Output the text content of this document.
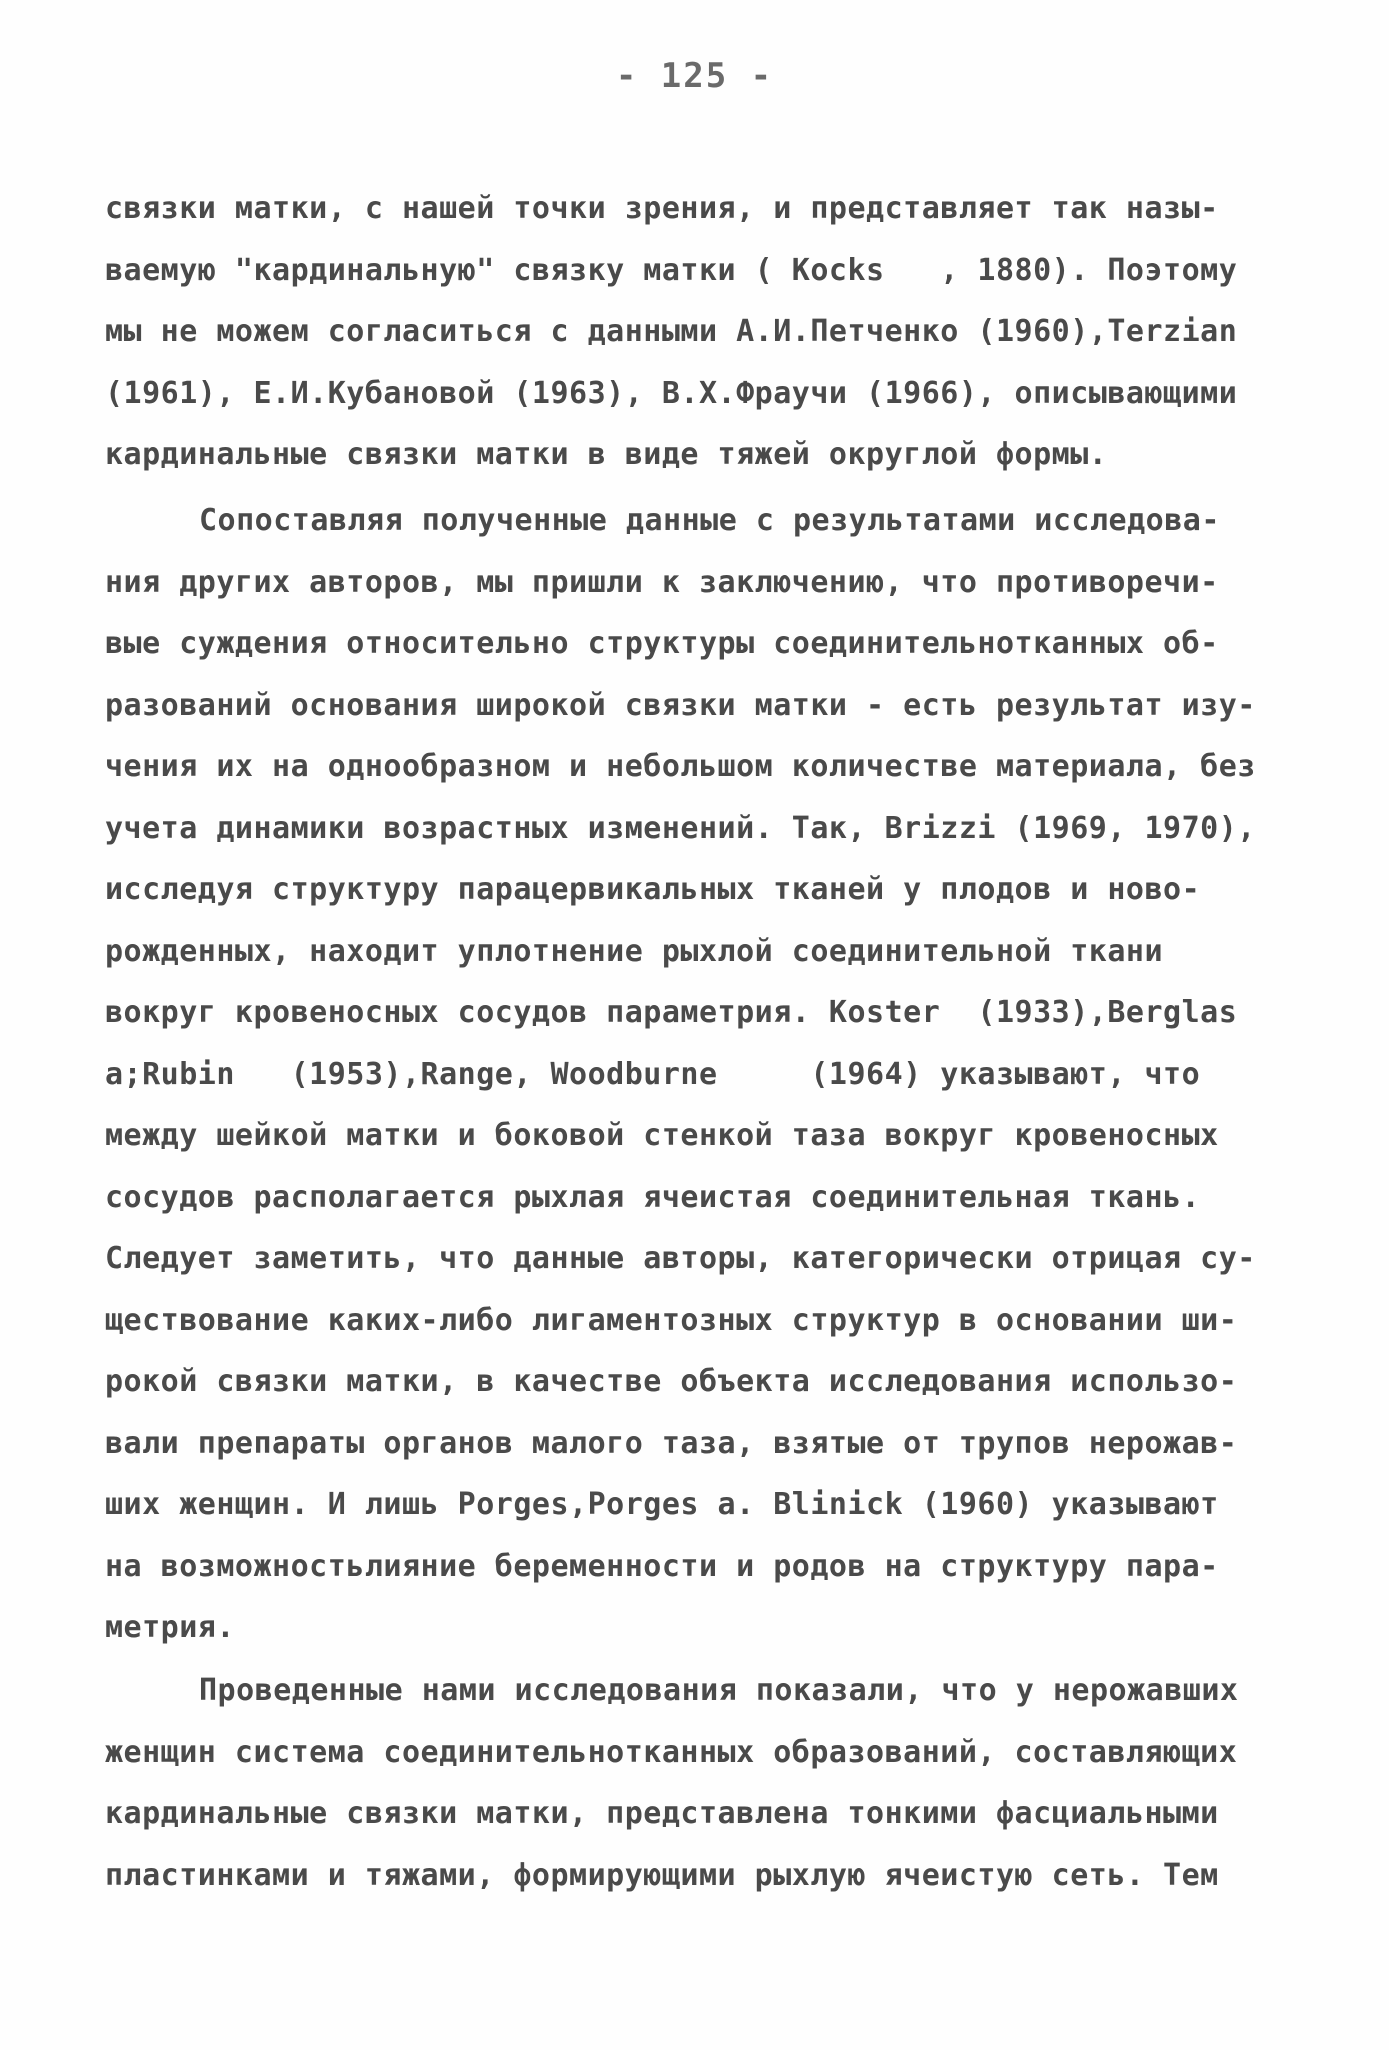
- 125 -
связки матки, с нашей точки зрения, и представляет так назы-
ваемую "кардинальную" связку матки ( Kocks   , 1880). Поэтому
мы не можем согласиться с данными А.И.Петченко (1960),Terzian
(1961), Е.И.Кубановой (1963), В.Х.Фраучи (1966), описывающими
кардинальные связки матки в виде тяжей округлой формы.
Сопоставляя полученные данные с результатами исследова-
ния других авторов, мы пришли к заключению, что противоречи-
вые суждения относительно структуры соединительнотканных об-
разований основания широкой связки матки - есть результат изу-
чения их на однообразном и небольшом количестве материала, без
учета динамики возрастных изменений. Так, Brizzi (1969, 1970),
исследуя структуру парацервикальных тканей у плодов и ново-
рожденных, находит уплотнение рыхлой соединительной ткани
вокруг кровеносных сосудов параметрия. Koster  (1933),Berglas
a;Rubin   (1953),Range, Woodburne     (1964) указывают, что
между шейкой матки и боковой стенкой таза вокруг кровеносных
сосудов располагается рыхлая ячеистая соединительная ткань.
Следует заметить, что данные авторы, категорически отрицая су-
ществование каких-либо лигаментозных структур в основании ши-
рокой связки матки, в качестве объекта исследования использо-
вали препараты органов малого таза, взятые от трупов нерожав-
ших женщин. И лишь Porges,Porges a. Blinick (1960) указывают
на возможностьлияние беременности и родов на структуру пара-
метрия.
Проведенные нами исследования показали, что у нерожавших
женщин система соединительнотканных образований, составляющих
кардинальные связки матки, представлена тонкими фасциальными
пластинками и тяжами, формирующими рыхлую ячеистую сеть. Тем
